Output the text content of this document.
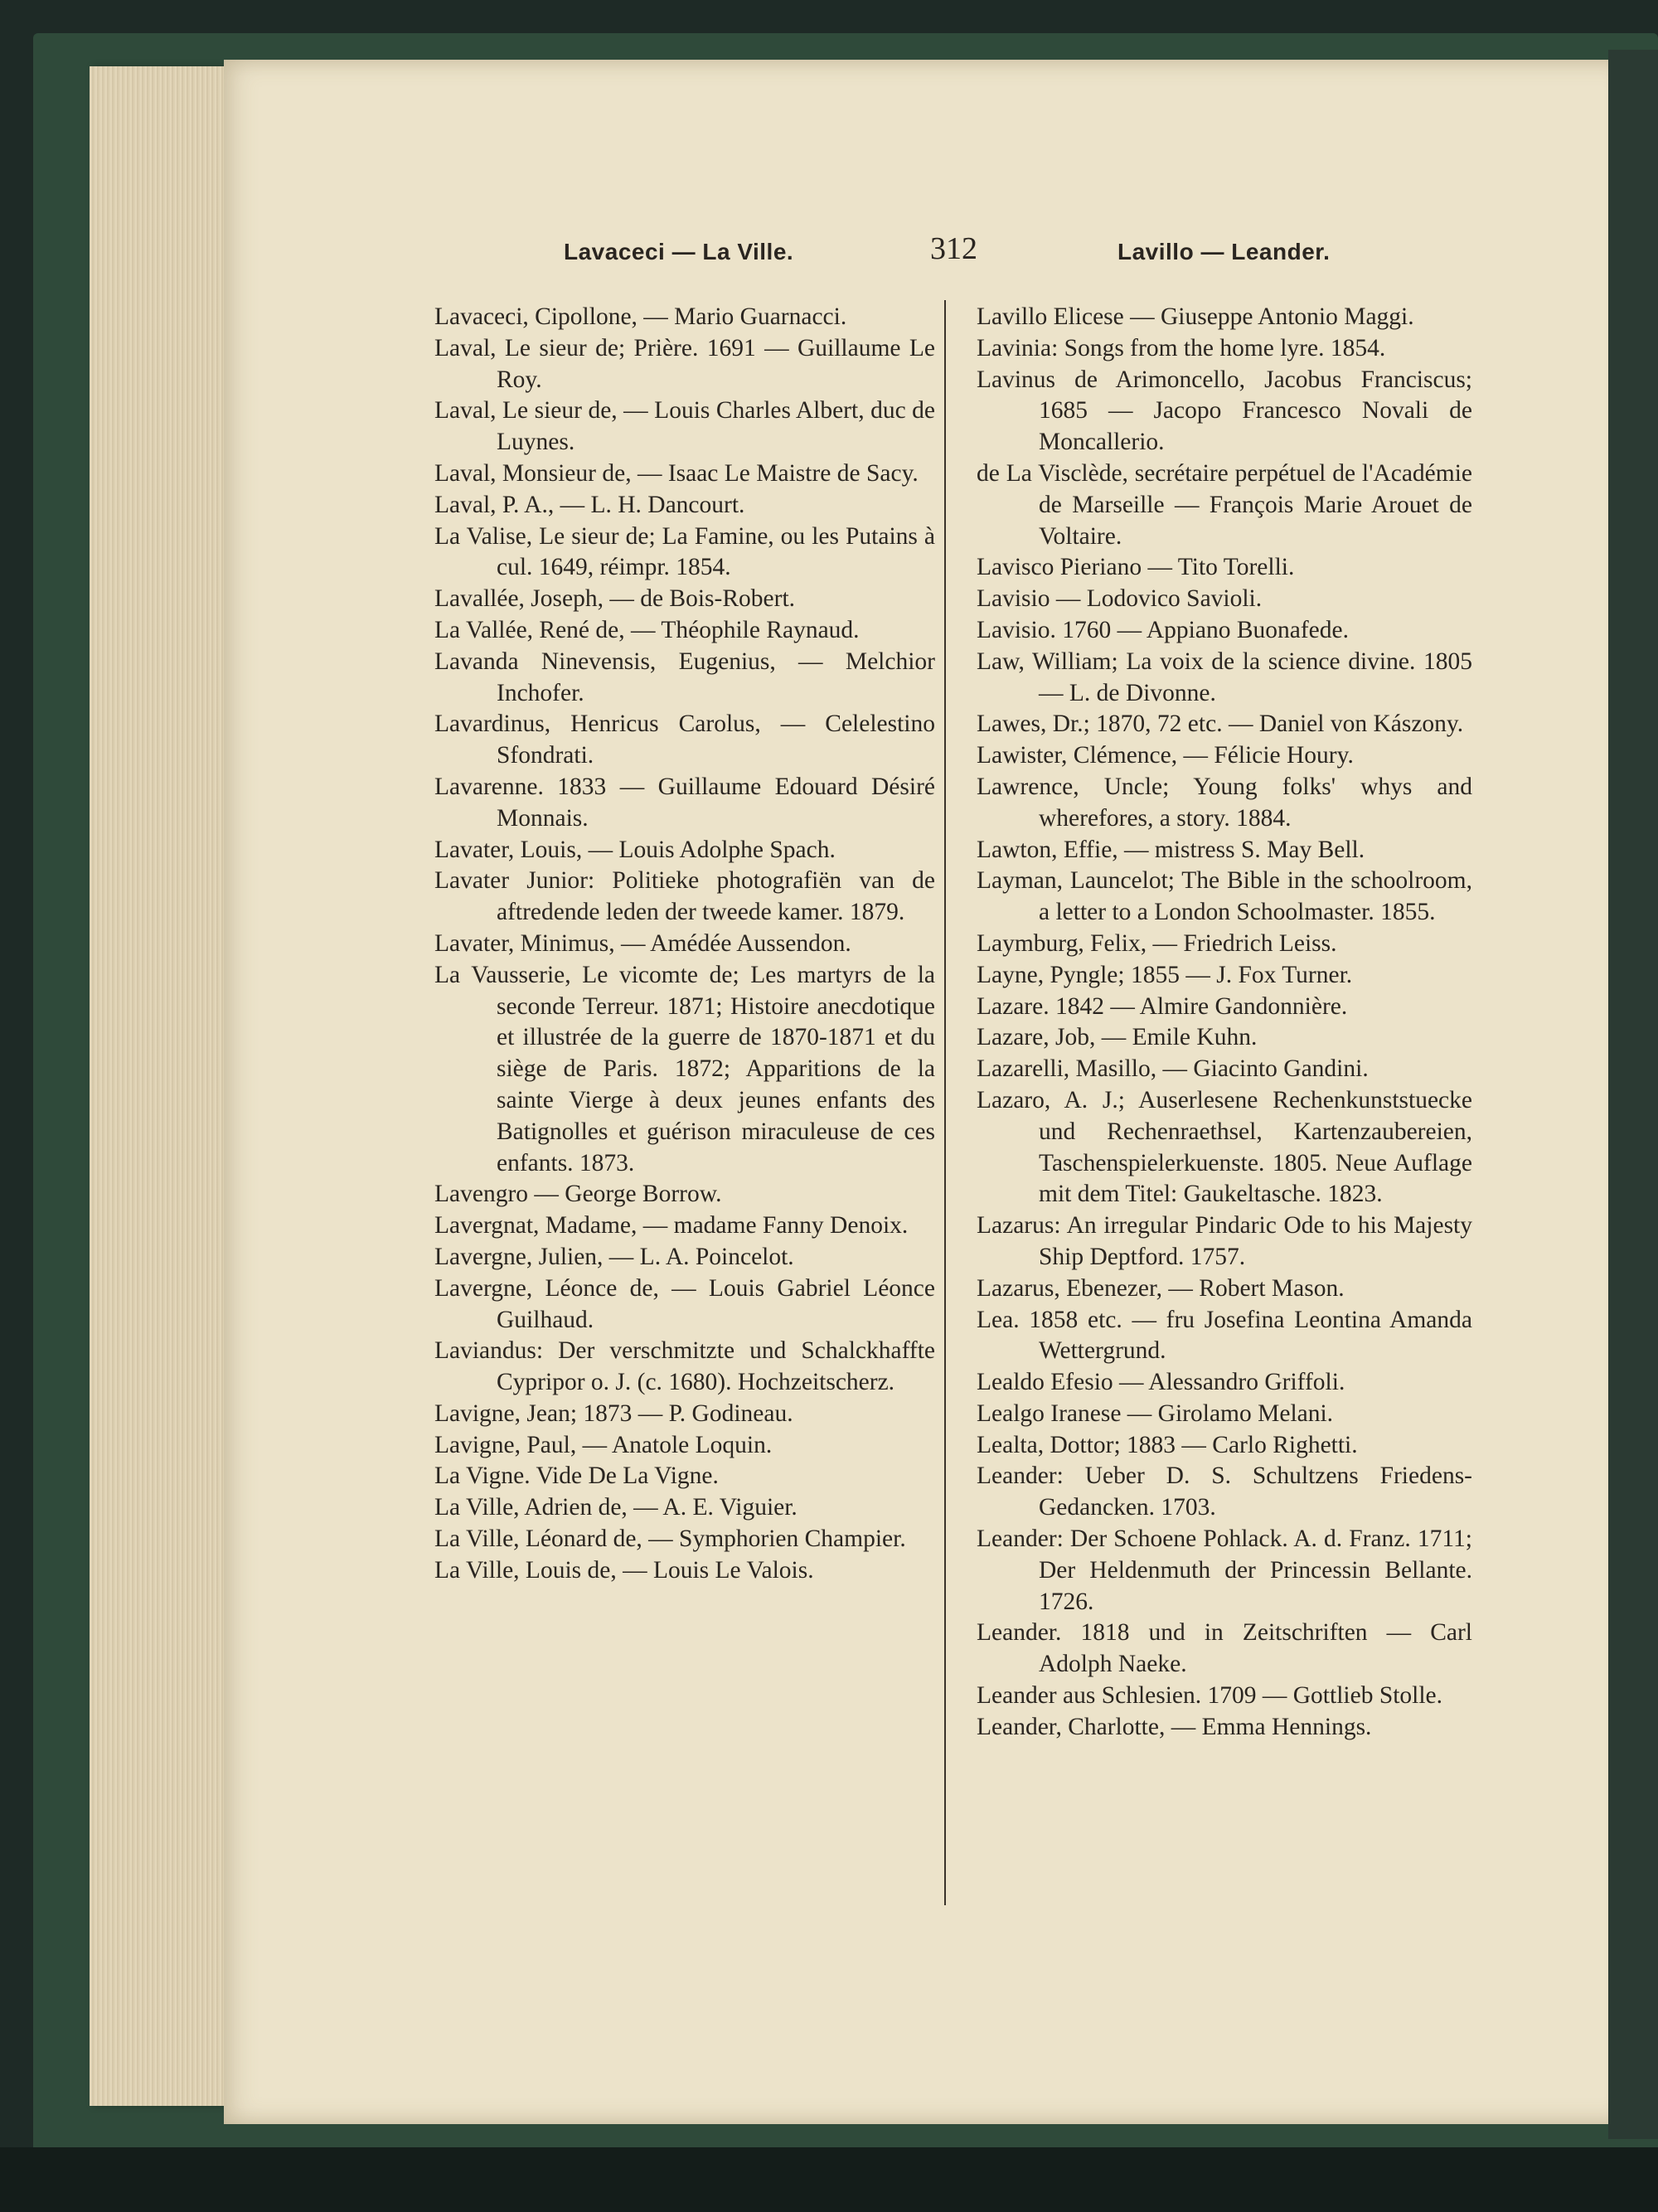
Lavaceci — La Ville.	312	Lavillo — Leander.

Lavaceci, Cipollone, — Mario Guarnacci.

Laval, Le sieur de; Prière. 1691 — Guillaume Le Roy.

Laval, Le sieur de, — Louis Charles Albert, duc de Luynes.

Laval, Monsieur de, — Isaac Le Maistre de Sacy.

Laval, P. A., — L. H. Dancourt.

La Valise, Le sieur de; La Famine, ou les Putains à cul. 1649, réimpr. 1854.

Lavallée, Joseph, — de Bois-Robert.

La Vallée, René de, — Théophile Raynaud.

Lavanda Ninevensis, Eugenius, — Melchior Inchofer.

Lavardinus, Henricus Carolus, — Celelestino Sfondrati.

Lavarenne. 1833 — Guillaume Edouard Désiré Monnais.

Lavater, Louis, — Louis Adolphe Spach.

Lavater Junior: Politieke photografiën van de aftredende leden der tweede kamer. 1879.

Lavater, Minimus, — Amédée Aussendon.

La Vausserie, Le vicomte de; Les martyrs de la seconde Terreur. 1871; Histoire anecdotique et illustrée de la guerre de 1870-1871 et du siège de Paris. 1872; Apparitions de la sainte Vierge à deux jeunes enfants des Batignolles et guérison miraculeuse de ces enfants. 1873.

Lavengro — George Borrow.

Lavergnat, Madame, — madame Fanny Denoix.

Lavergne, Julien, — L. A. Poincelot.

Lavergne, Léonce de, — Louis Gabriel Léonce Guilhaud.

Laviandus: Der verschmitzte und Schalckhaffte Cypripor o. J. (c. 1680). Hochzeitscherz.

Lavigne, Jean; 1873 — P. Godineau.

Lavigne, Paul, — Anatole Loquin.

La Vigne. Vide De La Vigne.

La Ville, Adrien de, — A. E. Viguier.

La Ville, Léonard de, — Symphorien Champier.

La Ville, Louis de, — Louis Le Valois.

Lavillo Elicese — Giuseppe Antonio Maggi.

Lavinia: Songs from the home lyre. 1854.

Lavinus de Arimoncello, Jacobus Franciscus; 1685 — Jacopo Francesco Novali de Moncallerio.

de La Visclède, secrétaire perpétuel de l'Académie de Marseille — François Marie Arouet de Voltaire.

Lavisco Pieriano — Tito Torelli.

Lavisio — Lodovico Savioli.

Lavisio. 1760 — Appiano Buonafede.

Law, William; La voix de la science divine. 1805 — L. de Divonne.

Lawes, Dr.; 1870, 72 etc. — Daniel von Kászony.

Lawister, Clémence, — Félicie Houry.

Lawrence, Uncle; Young folks' whys and wherefores, a story. 1884.

Lawton, Effie, — mistress S. May Bell.

Layman, Launcelot; The Bible in the schoolroom, a letter to a London Schoolmaster. 1855.

Laymburg, Felix, — Friedrich Leiss.

Layne, Pyngle; 1855 — J. Fox Turner.

Lazare. 1842 — Almire Gandonnière.

Lazare, Job, — Emile Kuhn.

Lazarelli, Masillo, — Giacinto Gandini.

Lazaro, A. J.; Auserlesene Rechenkunststuecke und Rechenraethsel, Kartenzaubereien, Taschenspielerkuenste. 1805. Neue Auflage mit dem Titel: Gaukeltasche. 1823.

Lazarus: An irregular Pindaric Ode to his Majesty Ship Deptford. 1757.

Lazarus, Ebenezer, — Robert Mason.

Lea. 1858 etc. — fru Josefina Leontina Amanda Wettergrund.

Lealdo Efesio — Alessandro Griffoli.

Lealgo Iranese — Girolamo Melani.

Lealta, Dottor; 1883 — Carlo Righetti.

Leander: Ueber D. S. Schultzens Friedens-Gedancken. 1703.

Leander: Der Schoene Pohlack. A. d. Franz. 1711; Der Heldenmuth der Princessin Bellante. 1726.

Leander. 1818 und in Zeitschriften — Carl Adolph Naeke.

Leander aus Schlesien. 1709 — Gottlieb Stolle.

Leander, Charlotte, — Emma Hennings.
